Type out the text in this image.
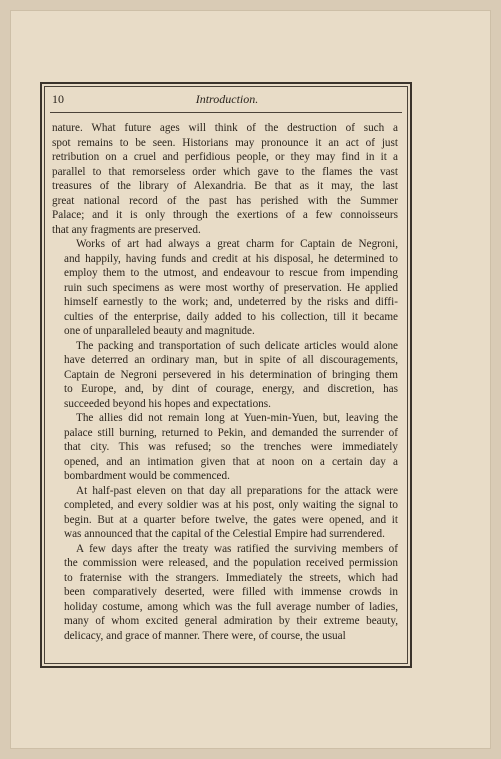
10	Introduction.
nature. What future ages will think of the destruction of such a
spot remains to be seen. Historians may pronounce it an act of just
retribution on a cruel and perfidious people, or they may find in it a
parallel to that remorseless order which gave to the flames the vast
treasures of the library of Alexandria. Be that as it may, the last
great national record of the past has perished with the Summer
Palace; and it is only through the exertions of a few connoisseurs
that any fragments are preserved.
Works of art had always a great charm for Captain de Negroni,
and happily, having funds and credit at his disposal, he determined to
employ them to the utmost, and endeavour to rescue from impending
ruin such specimens as were most worthy of preservation. He applied
himself earnestly to the work; and, undeterred by the risks and diffi-
culties of the enterprise, daily added to his collection, till it became
one of unparalleled beauty and magnitude.
The packing and transportation of such delicate articles would alone
have deterred an ordinary man, but in spite of all discouragements,
Captain de Negroni persevered in his determination of bringing them
to Europe, and, by dint of courage, energy, and discretion, has
succeeded beyond his hopes and expectations.
The allies did not remain long at Yuen-min-Yuen, but, leaving the
palace still burning, returned to Pekin, and demanded the surrender of
that city. This was refused; so the trenches were immediately
opened, and an intimation given that at noon on a certain day a
bombardment would be commenced.
At half-past eleven on that day all preparations for the attack were
completed, and every soldier was at his post, only waiting the signal to
begin. But at a quarter before twelve, the gates were opened, and it
was announced that the capital of the Celestial Empire had surrendered.
A few days after the treaty was ratified the surviving members of
the commission were released, and the population received permission
to fraternise with the strangers. Immediately the streets, which had
been comparatively deserted, were filled with immense crowds in
holiday costume, among which was the full average number of ladies,
many of whom excited general admiration by their extreme beauty,
delicacy, and grace of manner. There were, of course, the usual
